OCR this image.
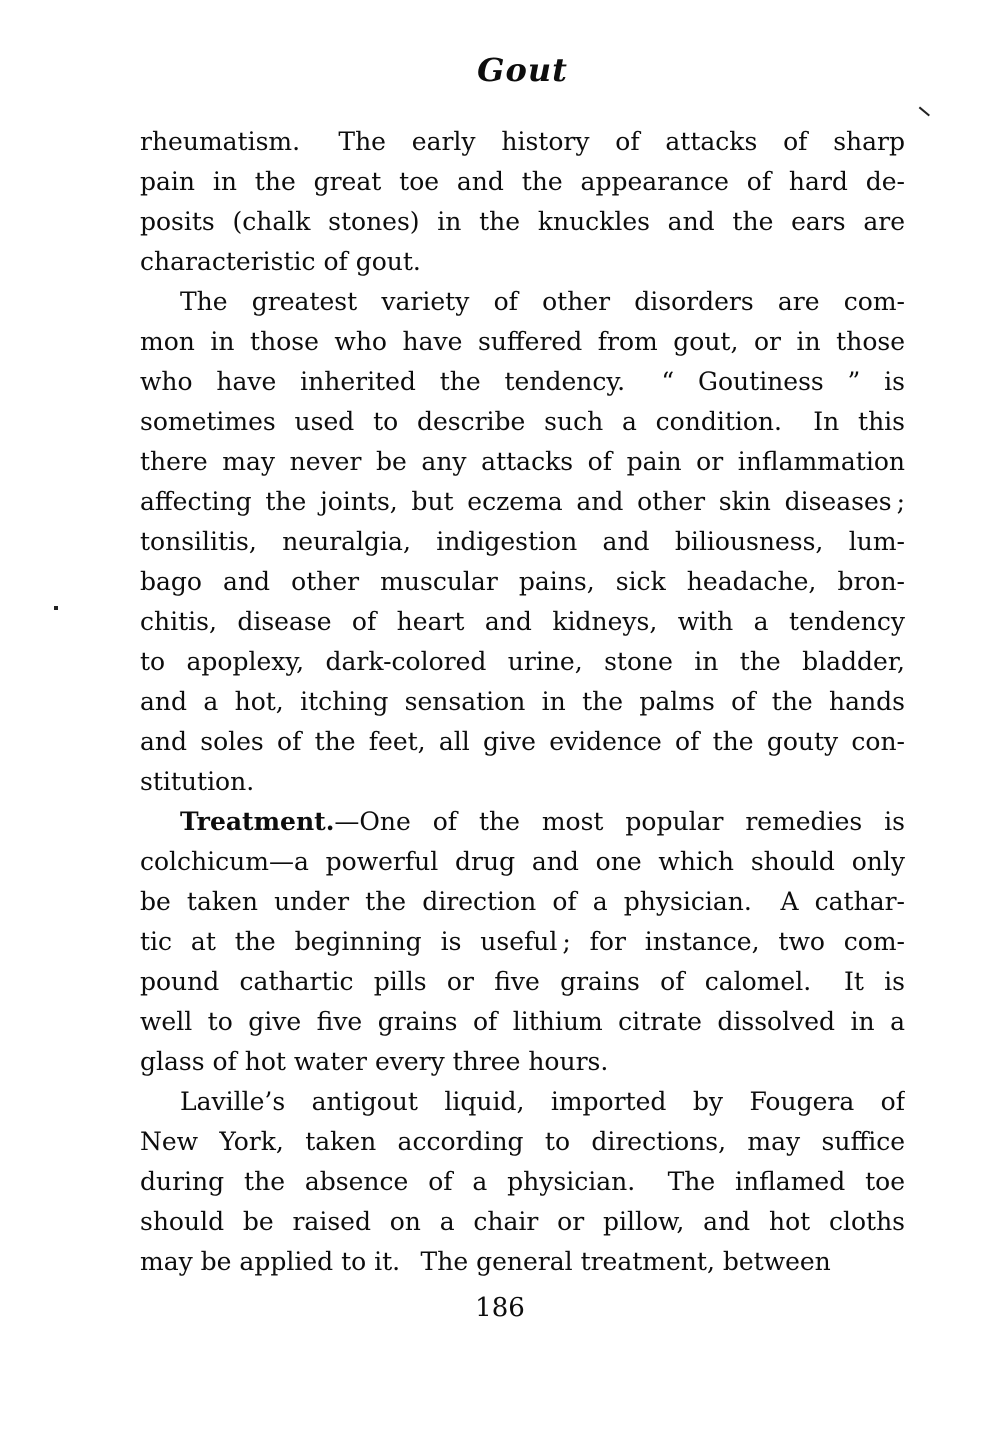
Gout
rheumatism.  The early history of attacks of sharp
pain in the great toe and the appearance of hard de-
posits (chalk stones) in the knuckles and the ears are
characteristic of gout.
The greatest variety of other disorders are com-
mon in those who have suffered from gout, or in those
who have inherited the tendency.  “ Goutiness ” is
sometimes used to describe such a condition.  In this
there may never be any attacks of pain or inflammation
affecting the joints, but eczema and other skin diseases ;
tonsilitis, neuralgia, indigestion and biliousness, lum-
bago and other muscular pains, sick headache, bron-
chitis, disease of heart and kidneys, with a tendency
to apoplexy, dark-colored urine, stone in the bladder,
and a hot, itching sensation in the palms of the hands
and soles of the feet, all give evidence of the gouty con-
stitution.
Treatment.—One of the most popular remedies is
colchicum—a powerful drug and one which should only
be taken under the direction of a physician.  A cathar-
tic at the beginning is useful ; for instance, two com-
pound cathartic pills or five grains of calomel.  It is
well to give five grains of lithium citrate dissolved in a
glass of hot water every three hours.
Laville’s antigout liquid, imported by Fougera of
New York, taken according to directions, may suffice
during the absence of a physician.  The inflamed toe
should be raised on a chair or pillow, and hot cloths
may be applied to it.  The general treatment, between
186
